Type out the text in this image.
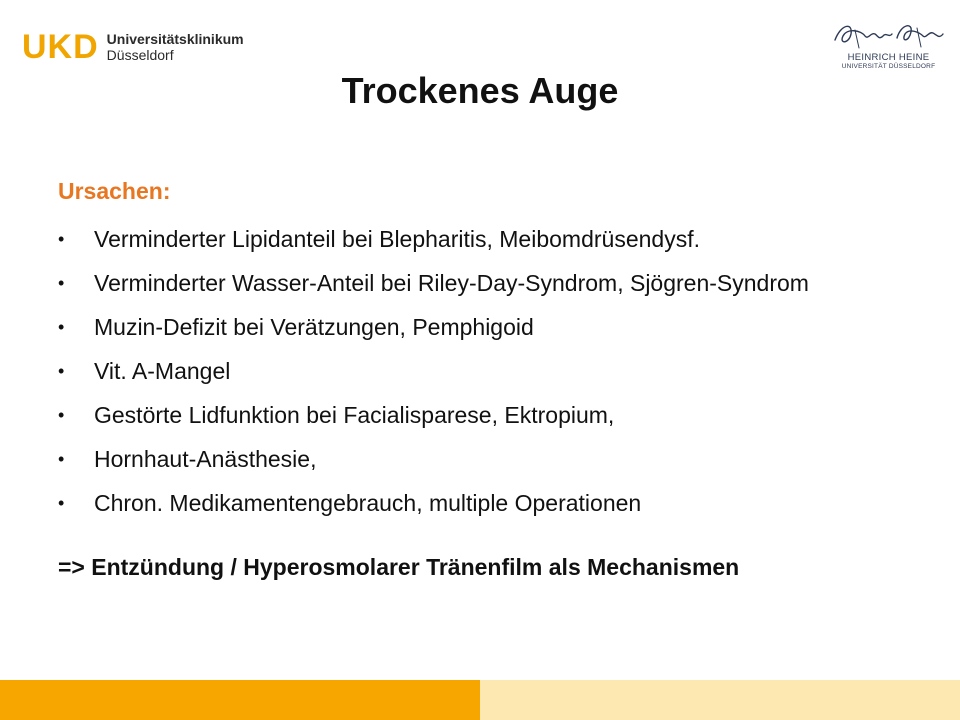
UKD Universitätsklinikum
Düsseldorf	HEINRICH HEINE
UNIVERSITÄT DÜSSELDORF
Trockenes Auge
Ursachen:
•	Verminderter Lipidanteil bei Blepharitis, Meibomdrüsendysf.
•	Verminderter Wasser-Anteil bei Riley-Day-Syndrom, Sjögren-Syndrom
•	Muzin-Defizit bei Verätzungen, Pemphigoid
•	Vit. A-Mangel
•	Gestörte Lidfunktion bei Facialisparese, Ektropium,
•	Hornhaut-Anästhesie,
•	Chron. Medikamentengebrauch, multiple Operationen
=> Entzündung / Hyperosmolarer Tränenfilm als Mechanismen
